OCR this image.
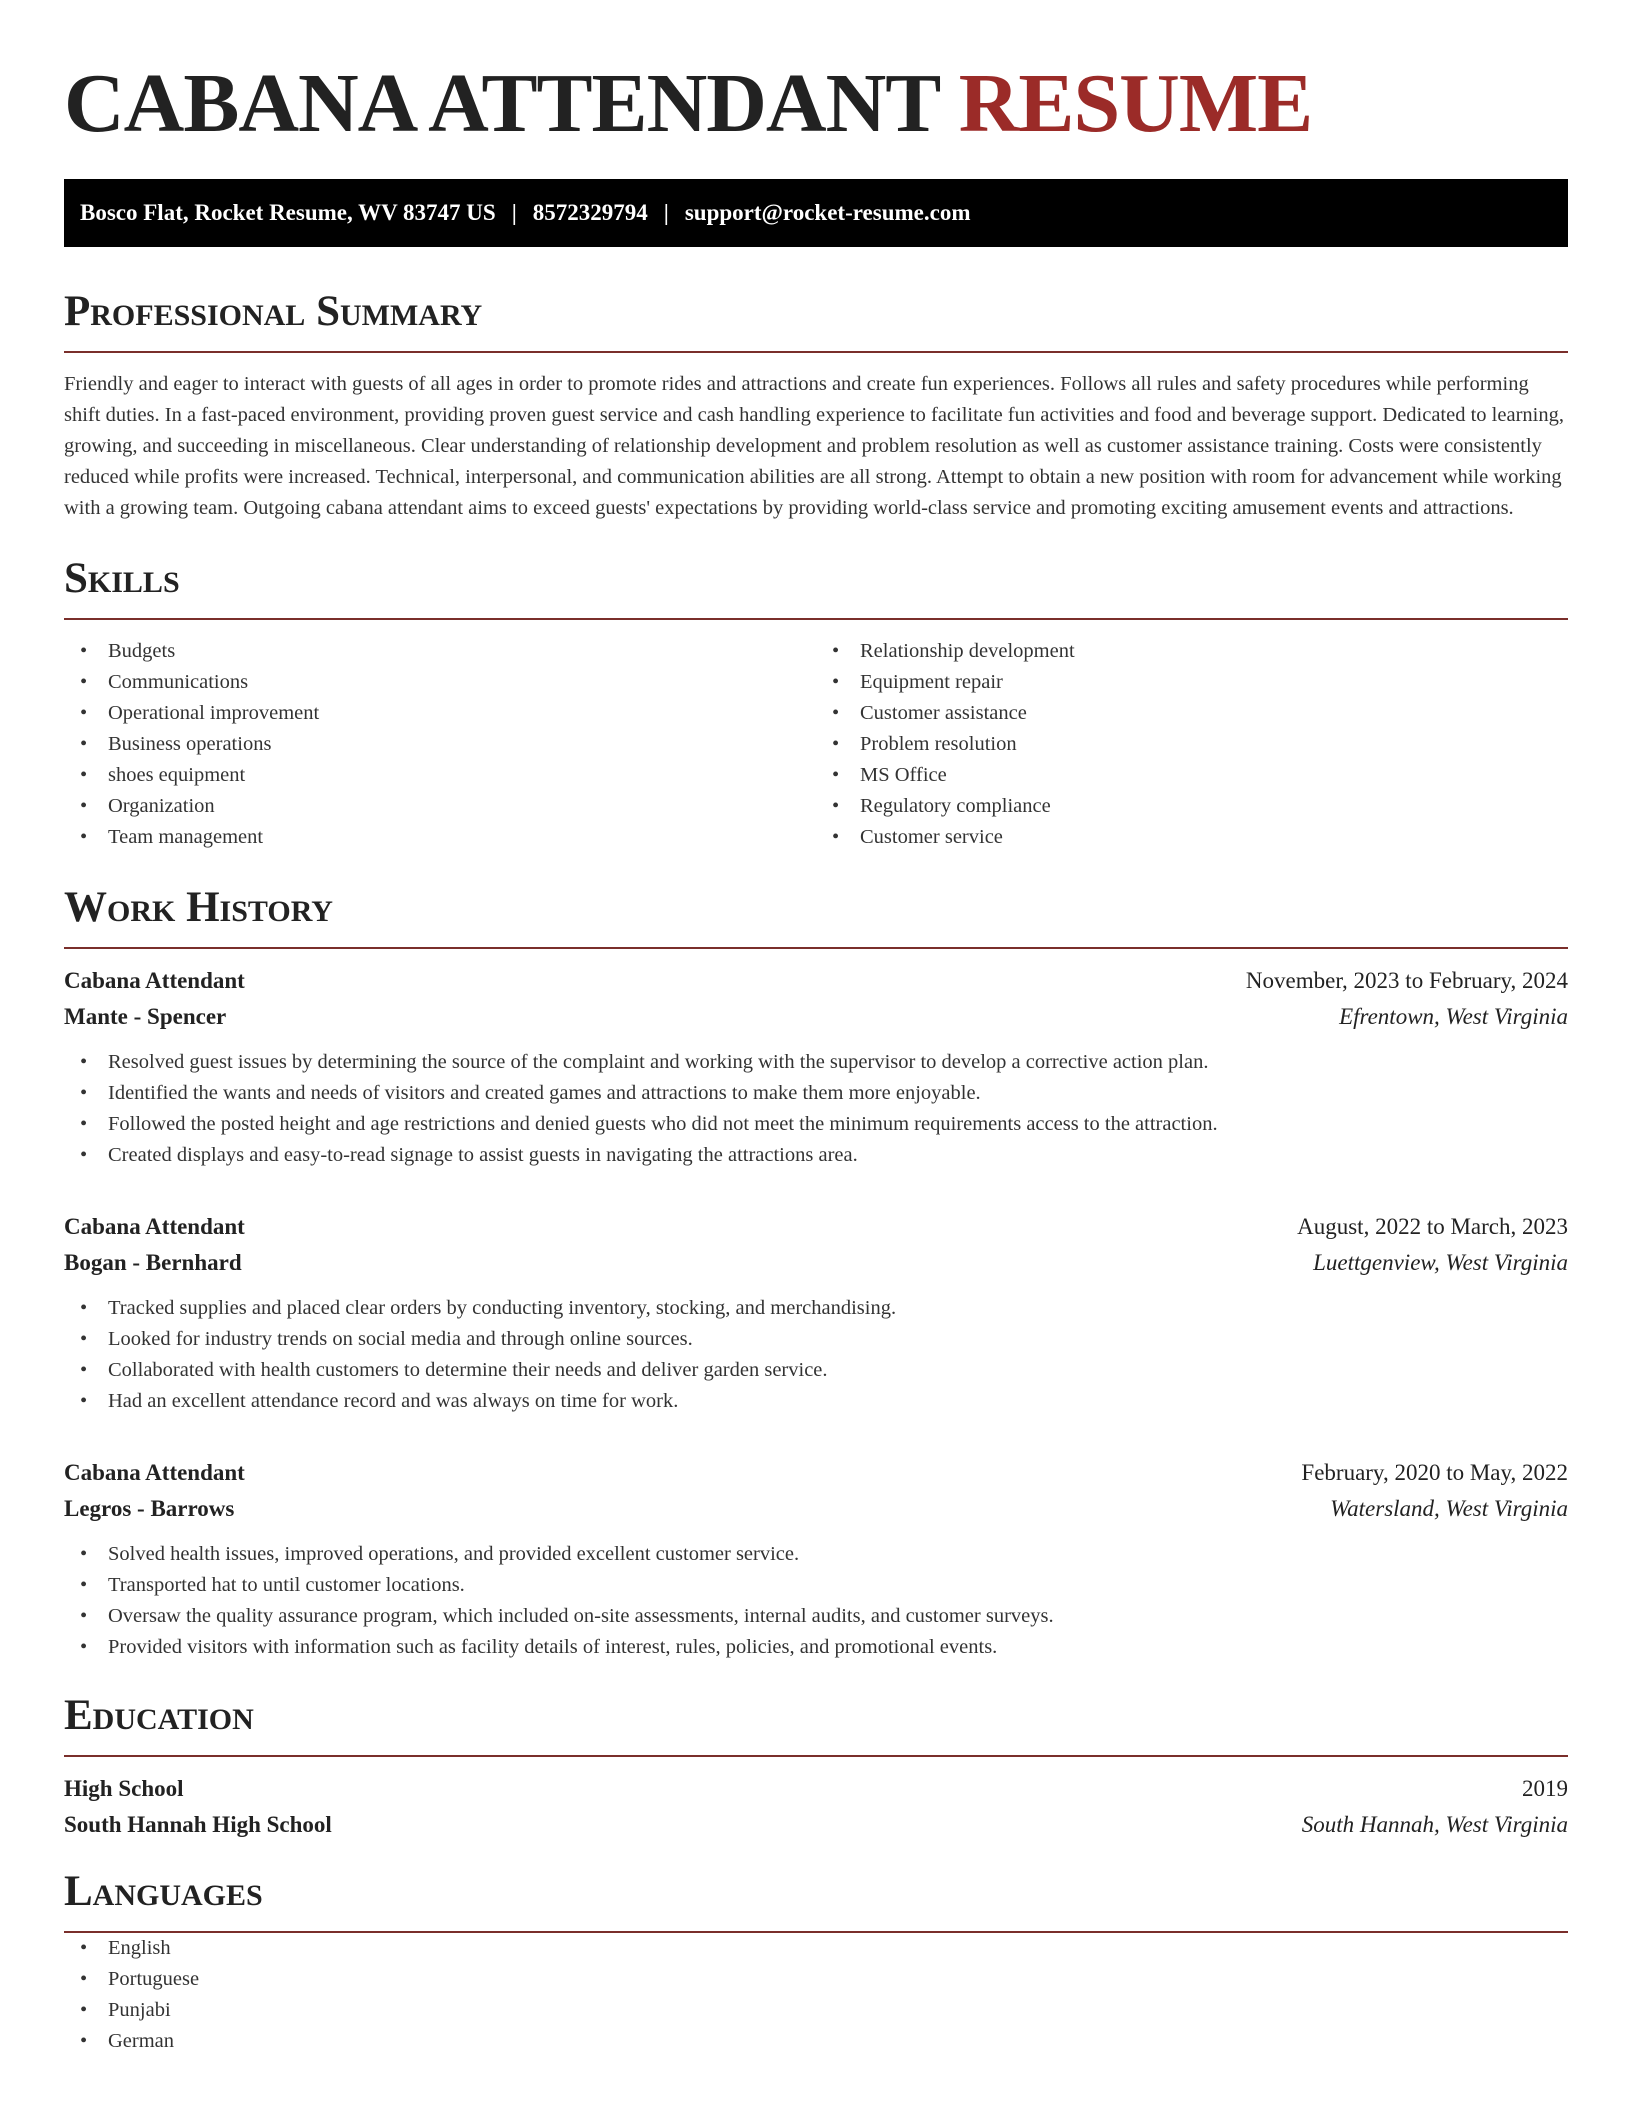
CABANA ATTENDANT RESUME
Bosco Flat, Rocket Resume, WV 83747 US | 8572329794 | support@rocket-resume.com
Professional Summary

Friendly and eager to interact with guests of all ages in order to promote rides and attractions and create fun experiences. Follows all rules and safety procedures while performing shift duties. In a fast-paced environment, providing proven guest service and cash handling experience to facilitate fun activities and food and beverage support. Dedicated to learning, growing, and succeeding in miscellaneous. Clear understanding of relationship development and problem resolution as well as customer assistance training. Costs were consistently reduced while profits were increased. Technical, interpersonal, and communication abilities are all strong. Attempt to obtain a new position with room for advancement while working with a growing team. Outgoing cabana attendant aims to exceed guests' expectations by providing world-class service and promoting exciting amusement events and attractions.

Skills
• Budgets
• Communications
• Operational improvement
• Business operations
• shoes equipment
• Organization
• Team management
• Relationship development
• Equipment repair
• Customer assistance
• Problem resolution
• MS Office
• Regulatory compliance
• Customer service
Work History
Cabana Attendant	November, 2023 to February, 2024
Mante - Spencer	Efrentown, West Virginia
• Resolved guest issues by determining the source of the complaint and working with the supervisor to develop a corrective action plan.
• Identified the wants and needs of visitors and created games and attractions to make them more enjoyable.
• Followed the posted height and age restrictions and denied guests who did not meet the minimum requirements access to the attraction.
• Created displays and easy-to-read signage to assist guests in navigating the attractions area.
Cabana Attendant	August, 2022 to March, 2023
Bogan - Bernhard	Luettgenview, West Virginia
• Tracked supplies and placed clear orders by conducting inventory, stocking, and merchandising.
• Looked for industry trends on social media and through online sources.
• Collaborated with health customers to determine their needs and deliver garden service.
• Had an excellent attendance record and was always on time for work.
Cabana Attendant	February, 2020 to May, 2022
Legros - Barrows	Watersland, West Virginia
• Solved health issues, improved operations, and provided excellent customer service.
• Transported hat to until customer locations.
• Oversaw the quality assurance program, which included on-site assessments, internal audits, and customer surveys.
• Provided visitors with information such as facility details of interest, rules, policies, and promotional events.
Education
High School	2019
South Hannah High School	South Hannah, West Virginia
Languages
• English
• Portuguese
• Punjabi
• German
